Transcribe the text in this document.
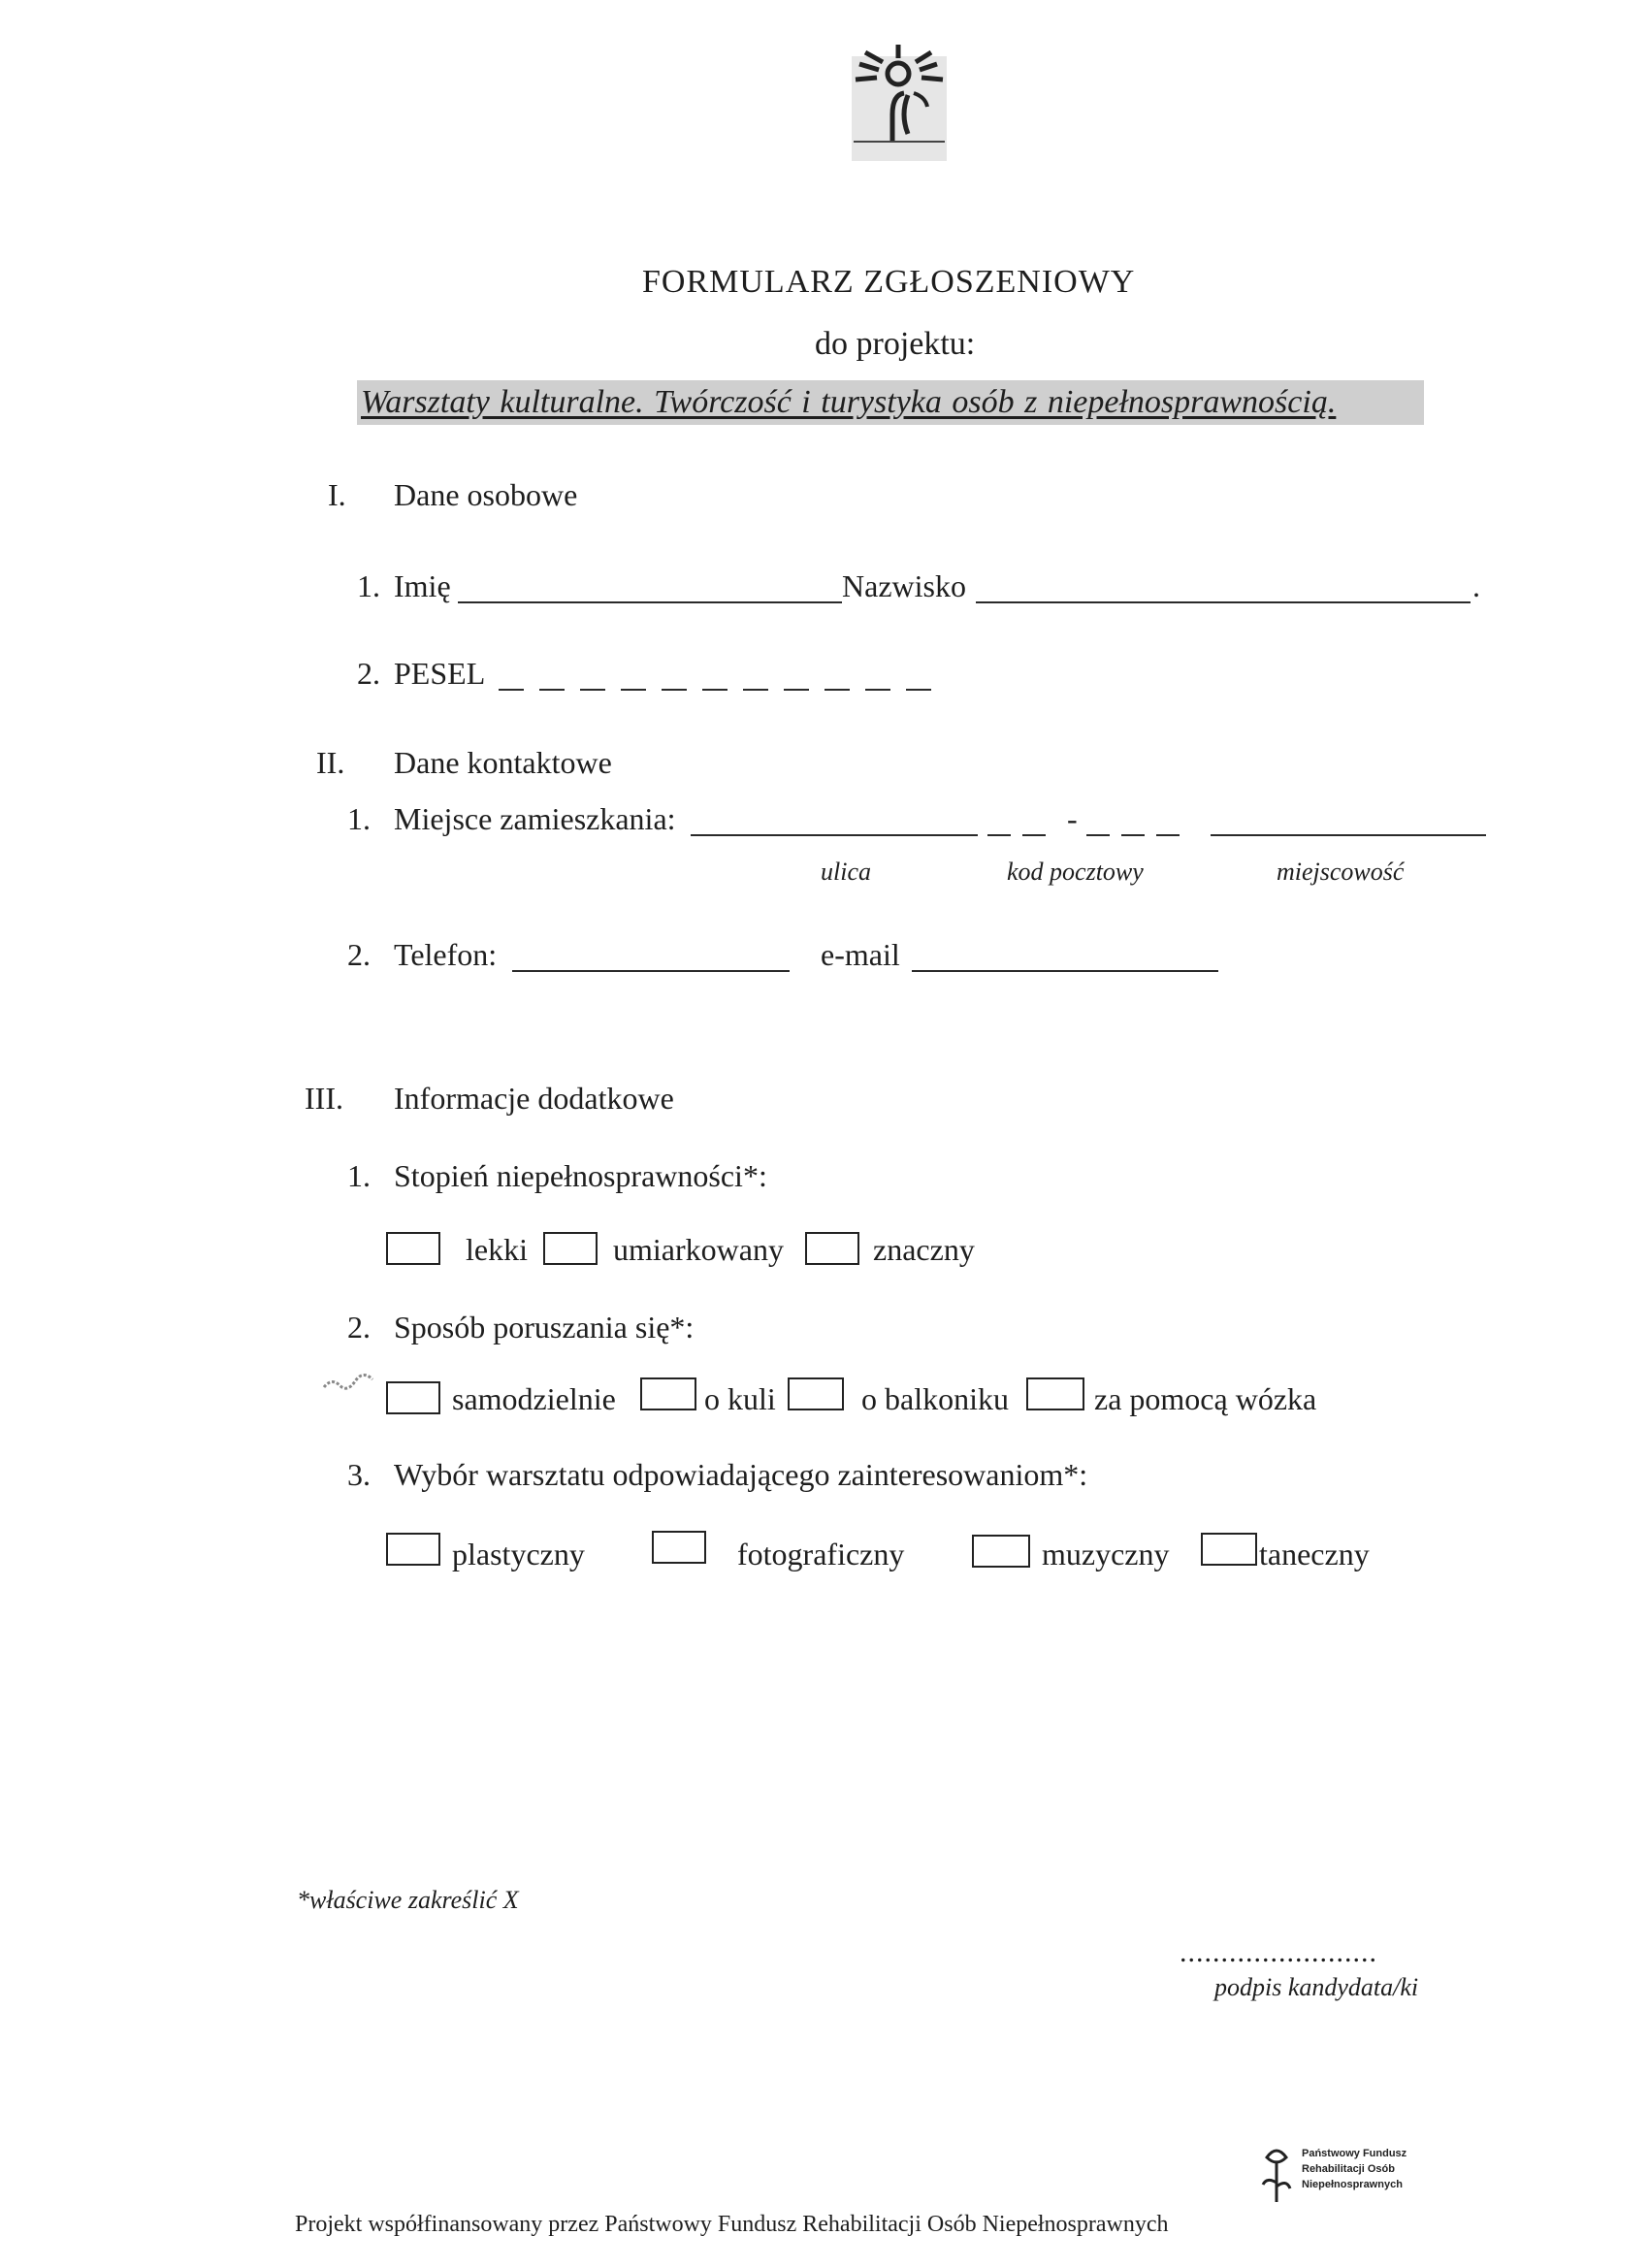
FORMULARZ ZGŁOSZENIOWY
do projektu:
Warsztaty kulturalne. Twórczość i turystyka osób z niepełnosprawnością.
I. Dane osobowe
1. Imię	Nazwisko	.
2. PESEL
II. Dane kontaktowe
1. Miejsce zamieszkania:	-
ulica	kod pocztowy	miejscowość
2. Telefon:	e-mail
III. Informacje dodatkowe
1. Stopień niepełnosprawności*:
lekki	umiarkowany	znaczny
2. Sposób poruszania się*:
samodzielnie	o kuli	o balkoniku	za pomocą wózka
3. Wybór warsztatu odpowiadającego zainteresowaniom*:
plastyczny	fotograficzny	muzyczny	taneczny
*właściwe zakreślić X
........................
podpis kandydata/ki
Państwowy Fundusz
Rehabilitacji Osób
Niepełnosprawnych
Projekt współfinansowany przez Państwowy Fundusz Rehabilitacji Osób Niepełnosprawnych
